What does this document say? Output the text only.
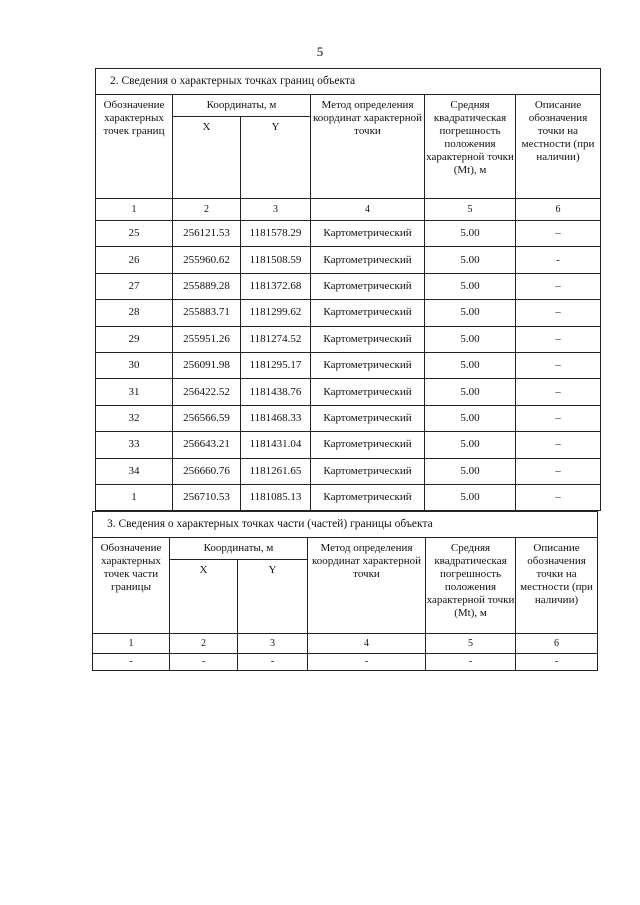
5
2. Сведения о характерных точках границ объекта					
Обозначение характерных точек границ	Координаты, м		Метод определения координат характерной точки	Средняя квадратическая погрешность положения характерной точки (Mt), м	Описание обозначения точки на местности (при наличии)
	X	Y			
1	2	3	4	5	6
25	256121.53	1181578.29	Картометрический	5.00	–
26	255960.62	1181508.59	Картометрический	5.00	-
27	255889.28	1181372.68	Картометрический	5.00	–
28	255883.71	1181299.62	Картометрический	5.00	–
29	255951.26	1181274.52	Картометрический	5.00	–
30	256091.98	1181295.17	Картометрический	5.00	–
31	256422.52	1181438.76	Картометрический	5.00	–
32	256566.59	1181468.33	Картометрический	5.00	–
33	256643.21	1181431.04	Картометрический	5.00	–
34	256660.76	1181261.65	Картометрический	5.00	–
1	256710.53	1181085.13	Картометрический	5.00	–
3. Сведения о характерных точках части (частей) границы объекта					
Обозначение характерных точек части границы	Координаты, м		Метод определения координат характерной точки	Средняя квадратическая погрешность положения характерной точки (Mt), м	Описание обозначения точки на местности (при наличии)
	X	Y			
1	2	3	4	5	6
-	-	-	-	-	-
